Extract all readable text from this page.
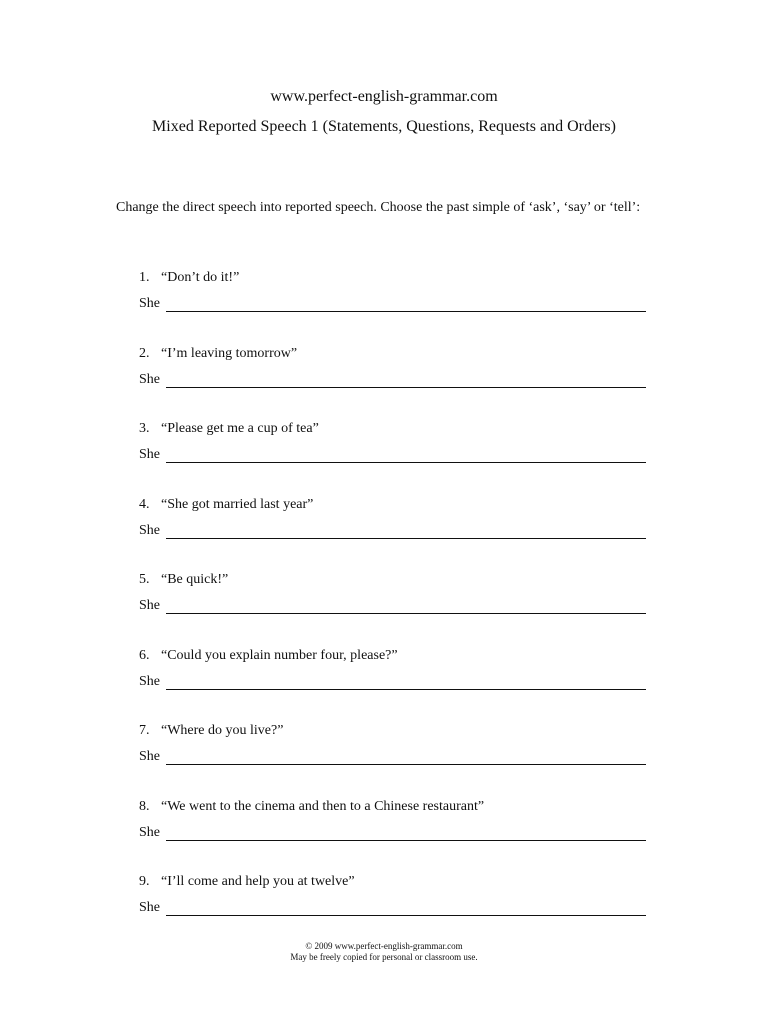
www.perfect-english-grammar.com
Mixed Reported Speech 1 (Statements, Questions, Requests and Orders)
Change the direct speech into reported speech. Choose the past simple of ‘ask’, ‘say’ or ‘tell’:
1. “Don’t do it!”
She
2. “I’m leaving tomorrow”
She
3. “Please get me a cup of tea”
She
4. “She got married last year”
She
5. “Be quick!”
She
6. “Could you explain number four, please?”
She
7. “Where do you live?”
She
8. “We went to the cinema and then to a Chinese restaurant”
She
9. “I’ll come and help you at twelve”
She
© 2009 www.perfect-english-grammar.com
May be freely copied for personal or classroom use.
